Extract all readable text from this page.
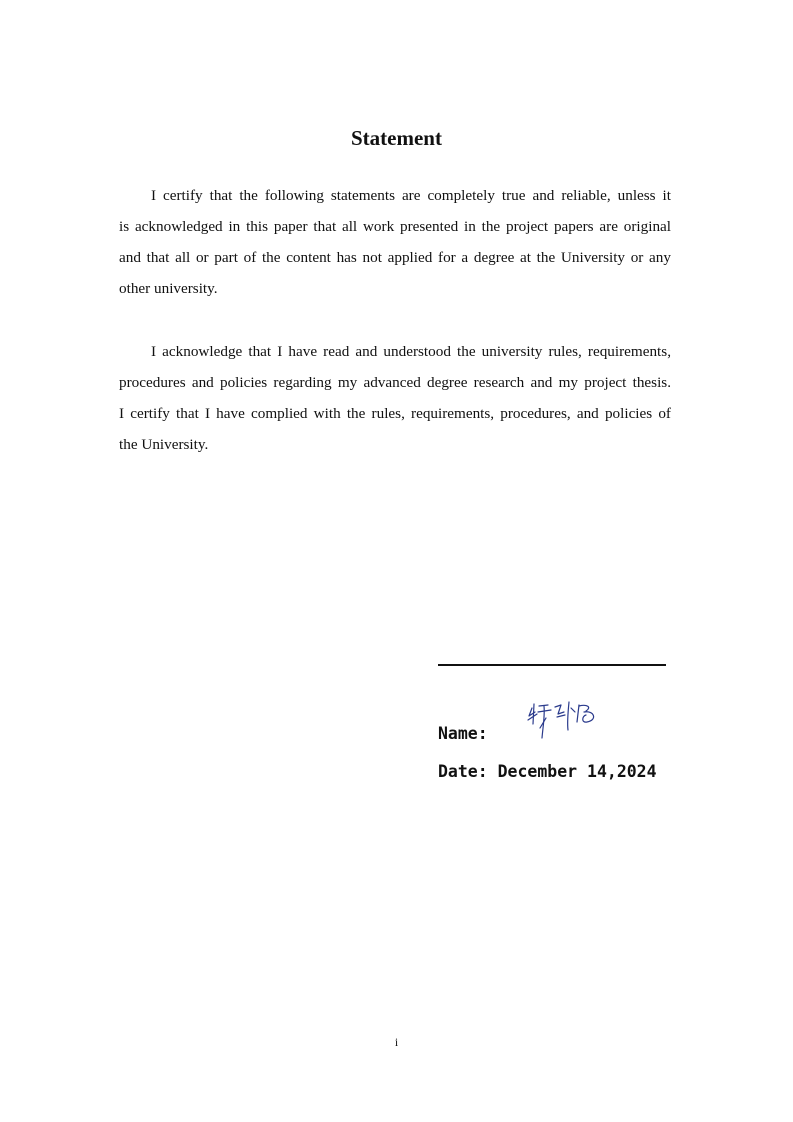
Statement

I certify that the following statements are completely true and reliable, unless it
is acknowledged in this paper that all work presented in the project papers are original
and that all or part of the content has not applied for a degree at the University or any
other university.

I acknowledge that I have read and understood the university rules, requirements,
procedures and policies regarding my advanced degree research and my project thesis.
I certify that I have complied with the rules, requirements, procedures, and policies of
the University.

Name:
Date: December 14,2024
i
